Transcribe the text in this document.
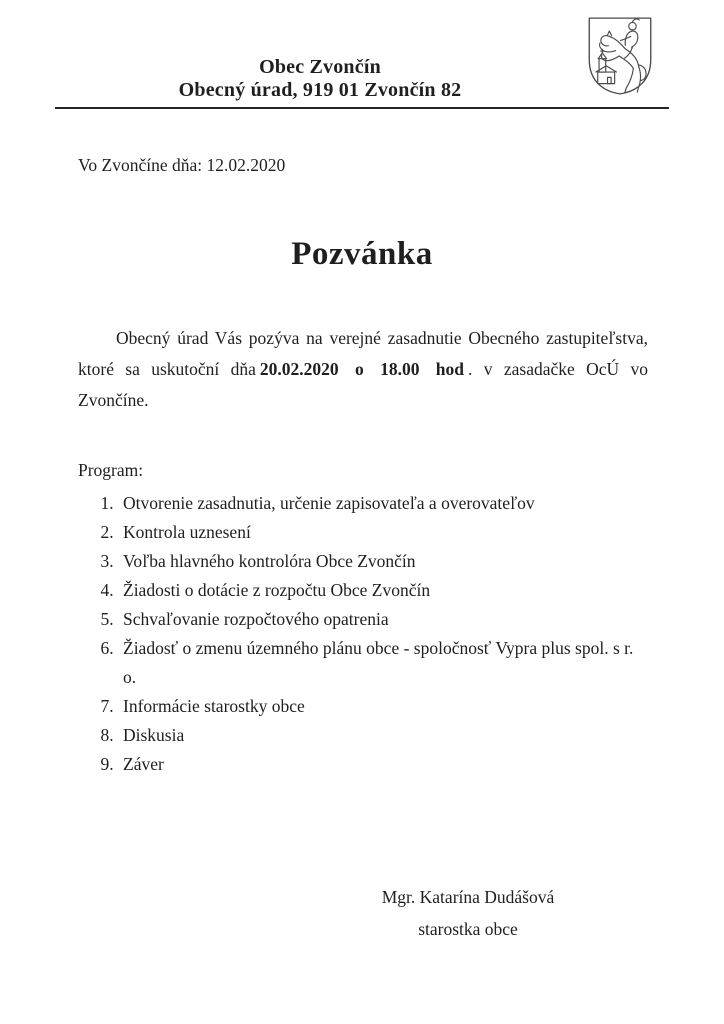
Obec Zvončín
Obecný úrad, 919 01 Zvončín 82
Vo Zvončíne dňa: 12.02.2020
Pozvánka

Obecný úrad Vás pozýva na verejné zasadnutie Obecného zastupiteľstva, ktoré sa uskutoční dňa 20.02.2020 o 18.00 hod . v zasadačke OcÚ vo Zvončíne.

Program:
1. Otvorenie zasadnutia, určenie zapisovateľa a overovateľov
2. Kontrola uznesení
3. Voľba hlavného kontrolóra Obce Zvončín
4. Žiadosti o dotácie z rozpočtu Obce Zvončín
5. Schvaľovanie rozpočtového opatrenia
6. Žiadosť o zmenu územného plánu obce - spoločnosť Vypra plus spol. s r. o.
7. Informácie starostky obce
8. Diskusia
9. Záver
Mgr. Katarína Dudášová
starostka obce
